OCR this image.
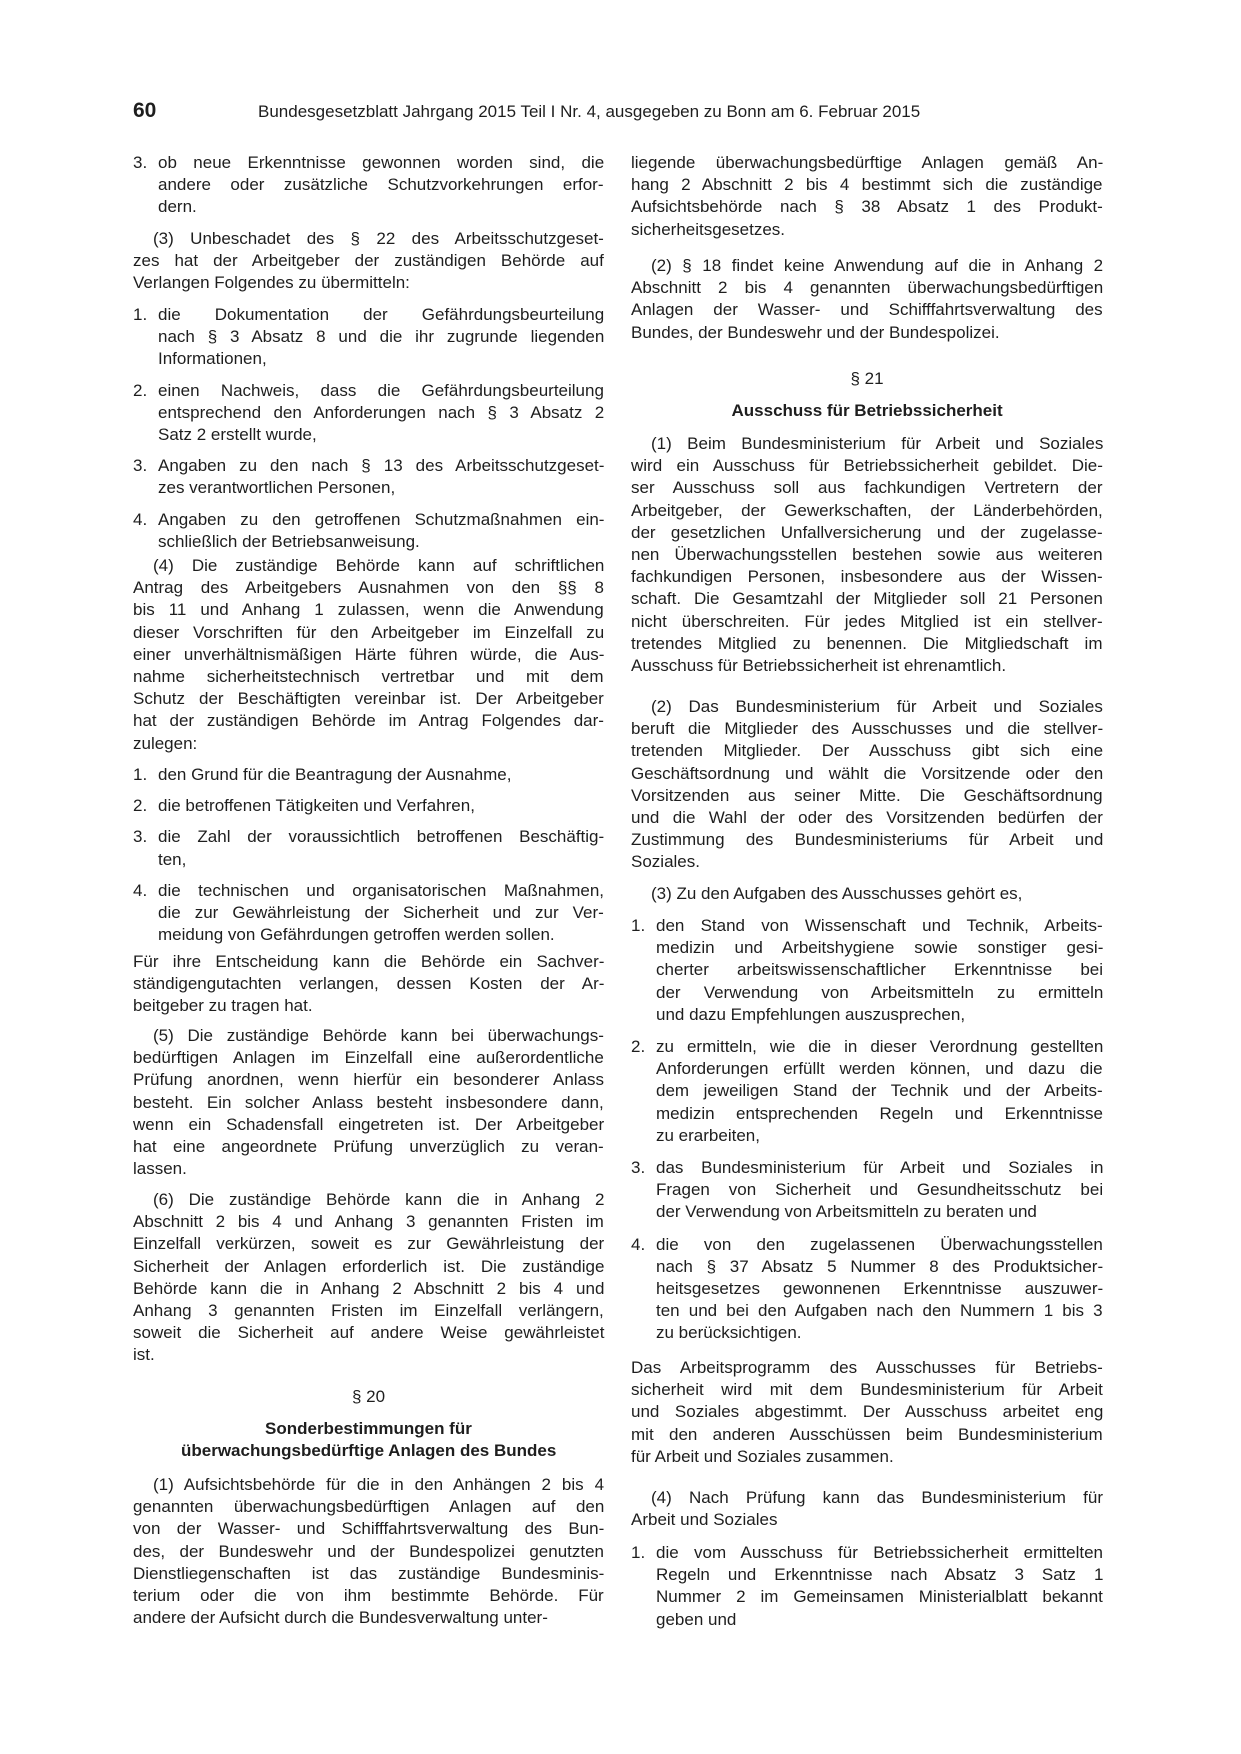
60	Bundesgesetzblatt Jahrgang 2015 Teil I Nr. 4, ausgegeben zu Bonn am 6. Februar 2015
3. ob neue Erkenntnisse gewonnen worden sind, die
andere oder zusätzliche Schutzvorkehrungen erfor-
dern.
(3) Unbeschadet des § 22 des Arbeitsschutzgeset-
zes hat der Arbeitgeber der zuständigen Behörde auf
Verlangen Folgendes zu übermitteln:
1. die Dokumentation der Gefährdungsbeurteilung
nach § 3 Absatz 8 und die ihr zugrunde liegenden
Informationen,
2. einen Nachweis, dass die Gefährdungsbeurteilung
entsprechend den Anforderungen nach § 3 Absatz 2
Satz 2 erstellt wurde,
3. Angaben zu den nach § 13 des Arbeitsschutzgeset-
zes verantwortlichen Personen,
4. Angaben zu den getroffenen Schutzmaßnahmen ein-
schließlich der Betriebsanweisung.
(4) Die zuständige Behörde kann auf schriftlichen
Antrag des Arbeitgebers Ausnahmen von den §§ 8
bis 11 und Anhang 1 zulassen, wenn die Anwendung
dieser Vorschriften für den Arbeitgeber im Einzelfall zu
einer unverhältnismäßigen Härte führen würde, die Aus-
nahme sicherheitstechnisch vertretbar und mit dem
Schutz der Beschäftigten vereinbar ist. Der Arbeitgeber
hat der zuständigen Behörde im Antrag Folgendes dar-
zulegen:
1. den Grund für die Beantragung der Ausnahme,
2. die betroffenen Tätigkeiten und Verfahren,
3. die Zahl der voraussichtlich betroffenen Beschäftig-
ten,
4. die technischen und organisatorischen Maßnahmen,
die zur Gewährleistung der Sicherheit und zur Ver-
meidung von Gefährdungen getroffen werden sollen.
Für ihre Entscheidung kann die Behörde ein Sachver-
ständigengutachten verlangen, dessen Kosten der Ar-
beitgeber zu tragen hat.
(5) Die zuständige Behörde kann bei überwachungs-
bedürftigen Anlagen im Einzelfall eine außerordentliche
Prüfung anordnen, wenn hierfür ein besonderer Anlass
besteht. Ein solcher Anlass besteht insbesondere dann,
wenn ein Schadensfall eingetreten ist. Der Arbeitgeber
hat eine angeordnete Prüfung unverzüglich zu veran-
lassen.
(6) Die zuständige Behörde kann die in Anhang 2
Abschnitt 2 bis 4 und Anhang 3 genannten Fristen im
Einzelfall verkürzen, soweit es zur Gewährleistung der
Sicherheit der Anlagen erforderlich ist. Die zuständige
Behörde kann die in Anhang 2 Abschnitt 2 bis 4 und
Anhang 3 genannten Fristen im Einzelfall verlängern,
soweit die Sicherheit auf andere Weise gewährleistet
ist.
§ 20
Sonderbestimmungen für
überwachungsbedürftige Anlagen des Bundes
(1) Aufsichtsbehörde für die in den Anhängen 2 bis 4
genannten überwachungsbedürftigen Anlagen auf den
von der Wasser- und Schifffahrtsverwaltung des Bun-
des, der Bundeswehr und der Bundespolizei genutzten
Dienstliegenschaften ist das zuständige Bundesminis-
terium oder die von ihm bestimmte Behörde. Für
andere der Aufsicht durch die Bundesverwaltung unter-
liegende überwachungsbedürftige Anlagen gemäß An-
hang 2 Abschnitt 2 bis 4 bestimmt sich die zuständige
Aufsichtsbehörde nach § 38 Absatz 1 des Produkt-
sicherheitsgesetzes.
(2) § 18 findet keine Anwendung auf die in Anhang 2
Abschnitt 2 bis 4 genannten überwachungsbedürftigen
Anlagen der Wasser- und Schifffahrtsverwaltung des
Bundes, der Bundeswehr und der Bundespolizei.
§ 21
Ausschuss für Betriebssicherheit
(1) Beim Bundesministerium für Arbeit und Soziales
wird ein Ausschuss für Betriebssicherheit gebildet. Die-
ser Ausschuss soll aus fachkundigen Vertretern der
Arbeitgeber, der Gewerkschaften, der Länderbehörden,
der gesetzlichen Unfallversicherung und der zugelasse-
nen Überwachungsstellen bestehen sowie aus weiteren
fachkundigen Personen, insbesondere aus der Wissen-
schaft. Die Gesamtzahl der Mitglieder soll 21 Personen
nicht überschreiten. Für jedes Mitglied ist ein stellver-
tretendes Mitglied zu benennen. Die Mitgliedschaft im
Ausschuss für Betriebssicherheit ist ehrenamtlich.
(2) Das Bundesministerium für Arbeit und Soziales
beruft die Mitglieder des Ausschusses und die stellver-
tretenden Mitglieder. Der Ausschuss gibt sich eine
Geschäftsordnung und wählt die Vorsitzende oder den
Vorsitzenden aus seiner Mitte. Die Geschäftsordnung
und die Wahl der oder des Vorsitzenden bedürfen der
Zustimmung des Bundesministeriums für Arbeit und
Soziales.
(3) Zu den Aufgaben des Ausschusses gehört es,
1. den Stand von Wissenschaft und Technik, Arbeits-
medizin und Arbeitshygiene sowie sonstiger gesi-
cherter arbeitswissenschaftlicher Erkenntnisse bei
der Verwendung von Arbeitsmitteln zu ermitteln
und dazu Empfehlungen auszusprechen,
2. zu ermitteln, wie die in dieser Verordnung gestellten
Anforderungen erfüllt werden können, und dazu die
dem jeweiligen Stand der Technik und der Arbeits-
medizin entsprechenden Regeln und Erkenntnisse
zu erarbeiten,
3. das Bundesministerium für Arbeit und Soziales in
Fragen von Sicherheit und Gesundheitsschutz bei
der Verwendung von Arbeitsmitteln zu beraten und
4. die von den zugelassenen Überwachungsstellen
nach § 37 Absatz 5 Nummer 8 des Produktsicher-
heitsgesetzes gewonnenen Erkenntnisse auszuwer-
ten und bei den Aufgaben nach den Nummern 1 bis 3
zu berücksichtigen.
Das Arbeitsprogramm des Ausschusses für Betriebs-
sicherheit wird mit dem Bundesministerium für Arbeit
und Soziales abgestimmt. Der Ausschuss arbeitet eng
mit den anderen Ausschüssen beim Bundesministerium
für Arbeit und Soziales zusammen.
(4) Nach Prüfung kann das Bundesministerium für
Arbeit und Soziales
1. die vom Ausschuss für Betriebssicherheit ermittelten
Regeln und Erkenntnisse nach Absatz 3 Satz 1
Nummer 2 im Gemeinsamen Ministerialblatt bekannt
geben und
